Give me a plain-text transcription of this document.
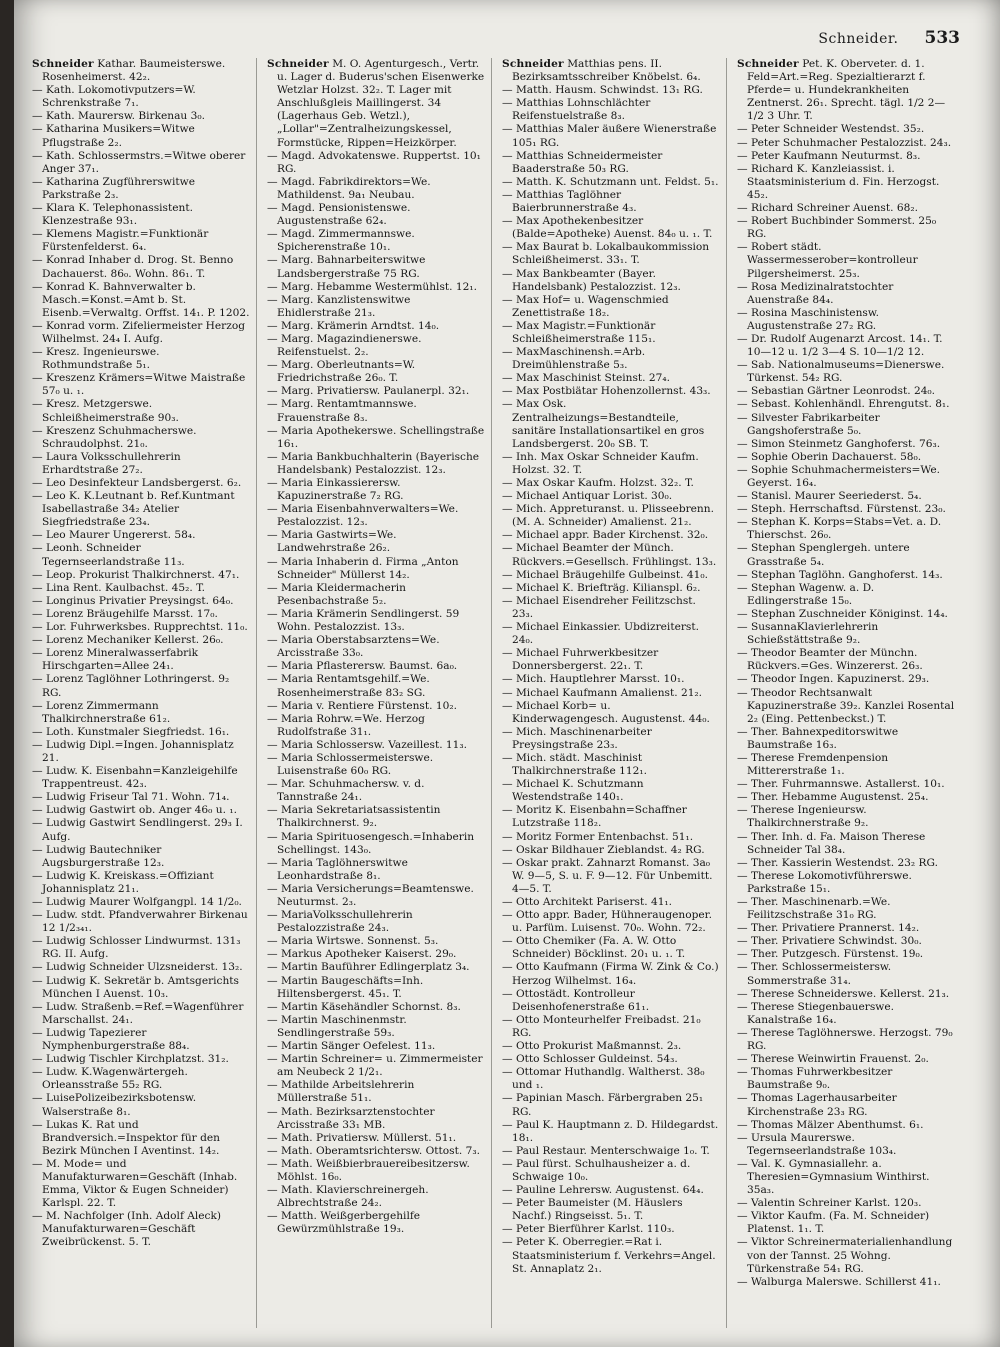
Schneider. 533
Schneider Kathar. Baumeisterswe. Rosenheimerst. 42₂.
— Kath. Lokomotivputzers=W. Schrenkstraße 7₁.
— Kath. Maurersw. Birkenau 3₀.
— Katharina Musikers=Witwe Pflugstraße 2₂.
— Kath. Schlossermstrs.=Witwe oberer Anger 37₁.
— Katharina Zugführerswitwe Parkstraße 2₃.
— Klara K. Telephonassistent. Klenzestraße 93₁.
— Klemens Magistr.=Funktionär Fürstenfelderst. 6₄.
— Konrad Inhaber d. Drog. St. Benno Dachauerst. 86₀. Wohn. 86₁. T.
— Konrad K. Bahnverwalter b. Masch.=Konst.=Amt b. St. Eisenb.=Verwaltg. Orffst. 14₁. P. 1202.
— Konrad vorm. Zifeliermeister Herzog Wilhelmst. 24₄ I. Aufg.
— Kresz. Ingenieurswe. Rothmundstraße 5₁.
— Kreszenz Krämers=Witwe Maistraße 57₀ u. ₁.
— Kresz. Metzgerswe. Schleißheimerstraße 90₃.
— Kreszenz Schuhmacherswe. Schraudolphst. 21₀.
— Laura Volksschullehrerin Erhardtstraße 27₂.
— Leo Desinfekteur Landsbergerst. 6₂.
— Leo K. K.Leutnant b. Ref.Kuntmant Isabellastraße 34₂ Atelier Siegfriedstraße 23₄.
— Leo Maurer Ungererst. 58₄.
— Leonh. Schneider Tegernseerlandstraße 11₃.
— Leop. Prokurist Thalkirchnerst. 47₁.
— Lina Rent. Kaulbachst. 45₂. T.
— Longinus Privatier Preysingst. 64₀.
— Lorenz Bräugehilfe Marsst. 17₀.
— Lor. Fuhrwerksbes. Rupprechtst. 11₀.
— Lorenz Mechaniker Kellerst. 26₀.
— Lorenz Mineralwasserfabrik Hirschgarten=Allee 24₁.
— Lorenz Taglöhner Lothringerst. 9₂ RG.
— Lorenz Zimmermann Thalkirchnerstraße 61₂.
— Loth. Kunstmaler Siegfriedst. 16₁.
— Ludwig Dipl.=Ingen. Johannisplatz 21.
— Ludw. K. Eisenbahn=Kanzleigehilfe Trappentreust. 42₃.
— Ludwig Friseur Tal 71. Wohn. 71₄.
— Ludwig Gastwirt ob. Anger 46₀ u. ₁.
— Ludwig Gastwirt Sendlingerst. 29₃ I. Aufg.
— Ludwig Bautechniker Augsburgerstraße 12₃.
— Ludwig K. Kreiskass.=Offiziant Johannisplatz 21₁.
— Ludwig Maurer Wolfgangpl. 14 1/2₀.
— Ludw. stdt. Pfandverwahrer Birkenau 12 1/2₃₄₁.
— Ludwig Schlosser Lindwurmst. 131₃ RG. II. Aufg.
— Ludwig Schneider Ulzsneiderst. 13₂.
— Ludwig K. Sekretär b. Amtsgerichts München I Auenst. 10₃.
— Ludw. Straßenb.=Ref.=Wagenführer Marschallst. 24₁.
— Ludwig Tapezierer Nymphenburgerstraße 88₄.
— Ludwig Tischler Kirchplatzst. 31₂.
— Ludw. K.Wagenwärtergeh. Orleansstraße 55₂ RG.
— LuisePolizeibezirksbotensw. Walserstraße 8₁.
— Lukas K. Rat und Brandversich.=Inspektor für den Bezirk München I Aventinst. 14₂.
— M. Mode= und Manufakturwaren=Geschäft (Inhab. Emma, Viktor & Eugen Schneider) Karlspl. 22. T.
— M. Nachfolger (Inh. Adolf Aleck) Manufakturwaren=Geschäft Zweibrückenst. 5. T.
Schneider M. O. Agenturgesch., Vertr. u. Lager d. Buderus'schen Eisenwerke Wetzlar Holzst. 32₂. T. Lager mit Anschlußgleis Maillingerst. 34 (Lagerhaus Geb. Wetzl.), „Lollar"=Zentralheizungskessel, Formstücke, Rippen=Heizkörper.
— Magd. Advokatenswe. Ruppertst. 10₁ RG.
— Magd. Fabrikdirektors=We. Mathildenst. 9a₁ Neubau.
— Magd. Pensionistenswe. Augustenstraße 62₄.
— Magd. Zimmermannswe. Spicherenstraße 10₁.
— Marg. Bahnarbeiterswitwe Landsbergerstraße 75 RG.
— Marg. Hebamme Westermühlst. 12₁.
— Marg. Kanzlistenswitwe Ehidlerstraße 21₃.
— Marg. Krämerin Arndtst. 14₀.
— Marg. Magazindienerswe. Reifenstuelst. 2₂.
— Marg. Oberleutnants=W. Friedrichstraße 26₀. T.
— Marg. Privatiersw. Paulanerpl. 32₁.
— Marg. Rentamtmannswe. Frauenstraße 8₃.
— Maria Apothekerswe. Schellingstraße 16₁.
— Maria Bankbuchhalterin (Bayerische Handelsbank) Pestalozzist. 12₃.
— Maria Einkassierersw. Kapuzinerstraße 7₂ RG.
— Maria Eisenbahnverwalters=We. Pestalozzist. 12₃.
— Maria Gastwirts=We. Landwehrstraße 26₂.
— Maria Inhaberin d. Firma „Anton Schneider" Müllerst 14₂.
— Maria Kleidermacherin Pesenbachstraße 5₂.
— Maria Krämerin Sendlingerst. 59 Wohn. Pestalozzist. 13₃.
— Maria Oberstabsarztens=We. Arcisstraße 33₀.
— Maria Pflasterersw. Baumst. 6a₀.
— Maria Rentamtsgehilf.=We. Rosenheimerstraße 83₂ SG.
— Maria v. Rentiere Fürstenst. 10₂.
— Maria Rohrw.=We. Herzog Rudolfstraße 31₁.
— Maria Schlossersw. Vazeillest. 11₃.
— Maria Schlossermeisterswe. Luisenstraße 60₀ RG.
— Mar. Schuhmachersw. v. d. Tannstraße 24₁.
— Maria Sekretariatsassistentin Thalkirchnerst. 9₂.
— Maria Spirituosengesch.=Inhaberin Schellingst. 143₀.
— Maria Taglöhnerswitwe Leonhardstraße 8₁.
— Maria Versicherungs=Beamtenswe. Neuturmst. 2₃.
— MariaVolksschullehrerin Pestalozzistraße 24₃.
— Maria Wirtswe. Sonnenst. 5₃.
— Markus Apotheker Kaiserst. 29₀.
— Martin Bauführer Edlingerplatz 3₄.
— Martin Baugeschäfts=Inh. Hiltensbergerst. 45₁. T.
— Martin Käsehändler Schornst. 8₃.
— Martin Maschinenmstr. Sendlingerstraße 59₃.
— Martin Sänger Oefelest. 11₃.
— Martin Schreiner= u. Zimmermeister am Neubeck 2 1/2₁.
— Mathilde Arbeitslehrerin Müllerstraße 51₁.
— Math. Bezirksarztenstochter Arcisstraße 33₁ MB.
— Math. Privatiersw. Müllerst. 51₁.
— Math. Oberamtsrichtersw. Ottost. 7₃.
— Math. Weißbierbrauereibesitzersw. Möhlst. 16₀.
— Math. Klavierschreinergeh. Albrechtstraße 24₂.
— Matth. Weißgerbergehilfe Gewürzmühlstraße 19₃.
Schneider Matthias pens. II. Bezirksamtsschreiber Knöbelst. 6₄.
— Matth. Hausm. Schwindst. 13₁ RG.
— Matthias Lohnschlächter Reifenstuelstraße 8₃.
— Matthias Maler äußere Wienerstraße 105₁ RG.
— Matthias Schneidermeister Baaderstraße 50₃ RG.
— Matth. K. Schutzmann unt. Feldst. 5₁.
— Matthias Taglöhner Baierbrunnerstraße 4₃.
— Max Apothekenbesitzer (Balde=Apotheke) Auenst. 84₀ u. ₁. T.
— Max Baurat b. Lokalbaukommission Schleißheimerst. 33₁. T.
— Max Bankbeamter (Bayer. Handelsbank) Pestalozzist. 12₃.
— Max Hof= u. Wagenschmied Zenettistraße 18₂.
— Max Magistr.=Funktionär Schleißheimerstraße 115₁.
— MaxMaschinensh.=Arb. Dreimühlenstraße 5₃.
— Max Maschinist Steinst. 27₄.
— Max Postbiätar Hohenzollernst. 43₃.
— Max Osk. Zentralheizungs=Bestandteile, sanitäre Installationsartikel en gros Landsbergerst. 20₀ SB. T.
— Inh. Max Oskar Schneider Kaufm. Holzst. 32. T.
— Max Oskar Kaufm. Holzst. 32₂. T.
— Michael Antiquar Lorist. 30₀.
— Mich. Appreturanst. u. Plisseebrenn. (M. A. Schneider) Amalienst. 21₂.
— Michael appr. Bader Kirchenst. 32₀.
— Michael Beamter der Münch. Rückvers.=Gesellsch. Frühlingst. 13₃.
— Michael Bräugehilfe Gulbeinst. 41₀.
— Michael K. Briefträg. Kilianspl. 6₂.
— Michael Eisendreher Feilitzschst. 23₃.
— Michael Einkassier. Ubdizreiterst. 24₀.
— Michael Fuhrwerkbesitzer Donnersbergerst. 22₁. T.
— Mich. Hauptlehrer Marsst. 10₁.
— Michael Kaufmann Amalienst. 21₂.
— Michael Korb= u. Kinderwagengesch. Augustenst. 44₀.
— Mich. Maschinenarbeiter Preysingstraße 23₃.
— Mich. städt. Maschinist Thalkirchnerstraße 112₁.
— Michael K. Schutzmann Westendstraße 140₁.
— Moritz K. Eisenbahn=Schaffner Lutzstraße 118₂.
— Moritz Former Entenbachst. 51₁.
— Oskar Bildhauer Zieblandst. 4₂ RG.
— Oskar prakt. Zahnarzt Romanst. 3a₀ W. 9—5, S. u. F. 9—12. Für Unbemitt. 4—5. T.
— Otto Architekt Pariserst. 41₁.
— Otto appr. Bader, Hühneraugenoper. u. Parfüm. Luisenst. 70₀. Wohn. 72₂.
— Otto Chemiker (Fa. A. W. Otto Schneider) Böcklinst. 20₁ u. ₁. T.
— Otto Kaufmann (Firma W. Zink & Co.) Herzog Wilhelmst. 16₄.
— Ottostädt. Kontrolleur Deisenhofenerstraße 61₁.
— Otto Monteurhelfer Freibadst. 21₀ RG.
— Otto Prokurist Maßmannst. 2₃.
— Otto Schlosser Guldeinst. 54₃.
— Ottomar Huthandlg. Waltherst. 38₀ und ₁.
— Papinian Masch. Färbergraben 25₁ RG.
— Paul K. Hauptmann z. D. Hildegardst. 18₁.
— Paul Restaur. Menterschwaige 1₀. T.
— Paul fürst. Schulhausheizer a. d. Schwaige 10₀.
— Pauline Lehrersw. Augustenst. 64₄.
— Peter Baumeister (M. Häuslers Nachf.) Ringseisst. 5₁. T.
— Peter Bierführer Karlst. 110₃.
— Peter K. Oberregier.=Rat i. Staatsministerium f. Verkehrs=Angel. St. Annaplatz 2₁.
Schneider Pet. K. Oberveter. d. 1. Feld=Art.=Reg. Spezialtierarzt f. Pferde= u. Hundekrankheiten Zentnerst. 26₁. Sprecht. tägl. 1/2 2—1/2 3 Uhr. T.
— Peter Schneider Westendst. 35₂.
— Peter Schuhmacher Pestalozzist. 24₃.
— Peter Kaufmann Neuturmst. 8₃.
— Richard K. Kanzleiassist. i. Staatsministerium d. Fin. Herzogst. 45₂.
— Richard Schreiner Auenst. 68₂.
— Robert Buchbinder Sommerst. 25₀ RG.
— Robert städt. Wassermesserober=kontrolleur Pilgersheimerst. 25₃.
— Rosa Medizinalratstochter Auenstraße 84₄.
— Rosina Maschinistensw. Augustenstraße 27₂ RG.
— Dr. Rudolf Augenarzt Arcost. 14₁. T. 10—12 u. 1/2 3—4 S. 10—1/2 12.
— Sab. Nationalmuseums=Dienerswe. Türkenst. 54₂ RG.
— Sebastian Gärtner Leonrodst. 24₀.
— Sebast. Kohlenhändl. Ehrengutst. 8₁.
— Silvester Fabrikarbeiter Gangshoferstraße 5₀.
— Simon Steinmetz Ganghoferst. 76₃.
— Sophie Oberin Dachauerst. 58₀.
— Sophie Schuhmachermeisters=We. Geyerst. 16₄.
— Stanisl. Maurer Seeriederst. 5₄.
— Steph. Herrschaftsd. Fürstenst. 23₀.
— Stephan K. Korps=Stabs=Vet. a. D. Thierschst. 26₀.
— Stephan Spenglergeh. untere Grasstraße 5₄.
— Stephan Taglöhn. Ganghoferst. 14₃.
— Stephan Wagenw. a. D. Edlingerstraße 15₀.
— Stephan Zuschneider Königinst. 14₄.
— SusannaKlavierlehrerin Schießstättstraße 9₂.
— Theodor Beamter der Münchn. Rückvers.=Ges. Winzererst. 26₃.
— Theodor Ingen. Kapuzinerst. 29₃.
— Theodor Rechtsanwalt Kapuzinerstraße 39₂. Kanzlei Rosental 2₂ (Eing. Pettenbeckst.) T.
— Ther. Bahnexpeditorswitwe Baumstraße 16₃.
— Therese Fremdenpension Mittererstraße 1₁.
— Ther. Fuhrmannswe. Astallerst. 10₁.
— Ther. Hebamme Augustenst. 25₄.
— Therese Ingenieursw. Thalkirchnerstraße 9₂.
— Ther. Inh. d. Fa. Maison Therese Schneider Tal 38₄.
— Ther. Kassierin Westendst. 23₂ RG.
— Therese Lokomotivführerswe. Parkstraße 15₁.
— Ther. Maschinenarb.=We. Feilitzschstraße 31₀ RG.
— Ther. Privatiere Prannerst. 14₂.
— Ther. Privatiere Schwindst. 30₀.
— Ther. Putzgesch. Fürstenst. 19₀.
— Ther. Schlossermeistersw. Sommerstraße 31₄.
— Therese Schneiderswe. Kellerst. 21₃.
— Therese Stiegenbauerswe. Kanalstraße 16₄.
— Therese Taglöhnerswe. Herzogst. 79₀ RG.
— Therese Weinwirtin Frauenst. 2₀.
— Thomas Fuhrwerkbesitzer Baumstraße 9₀.
— Thomas Lagerhausarbeiter Kirchenstraße 23₃ RG.
— Thomas Mälzer Abenthumst. 6₁.
— Ursula Maurerswe. Tegernseerlandstraße 103₄.
— Val. K. Gymnasiallehr. a. Theresien=Gymnasium Winthirst. 35a₃.
— Valentin Schreiner Karlst. 120₃.
— Viktor Kaufm. (Fa. M. Schneider) Platenst. 1₁. T.
— Viktor Schreinermaterialienhandlung von der Tannst. 25 Wohng. Türkenstraße 54₁ RG.
— Walburga Malerswe. Schillerst 41₁.
